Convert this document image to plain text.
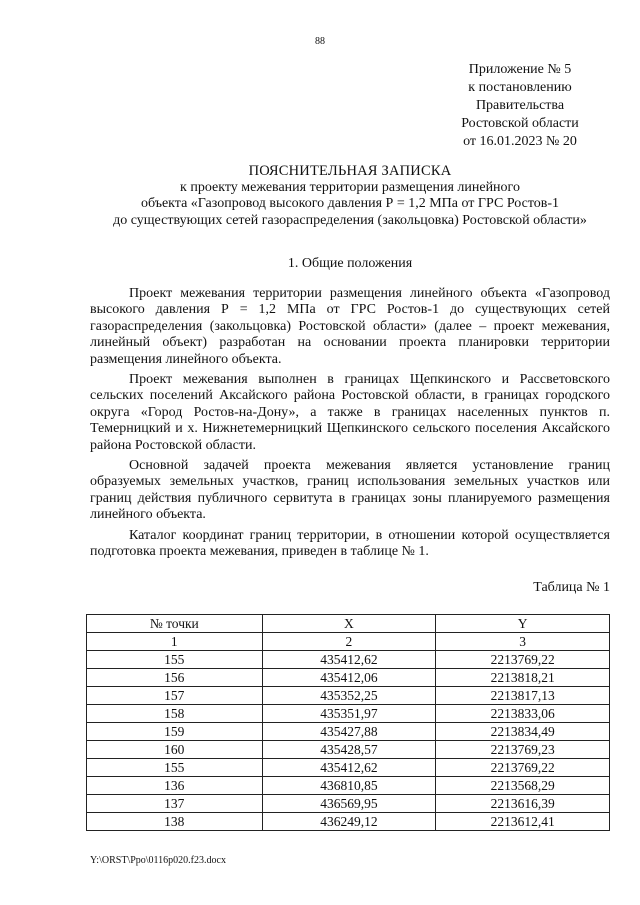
88
Приложение № 5
к постановлению
Правительства
Ростовской области
от 16.01.2023 № 20
ПОЯСНИТЕЛЬНАЯ ЗАПИСКА
к проекту межевания территории размещения линейного
объекта «Газопровод высокого давления Р = 1,2 МПа от ГРС Ростов-1
до существующих сетей газораспределения (закольцовка) Ростовской области»
1. Общие положения

Проект межевания территории размещения линейного объекта «Газопровод высокого давления Р = 1,2 МПа от ГРС Ростов-1 до существующих сетей газораспределения (закольцовка) Ростовской области» (далее – проект межевания, линейный объект) разработан на основании проекта планировки территории размещения линейного объекта.

Проект межевания выполнен в границах Щепкинского и Рассветовского сельских поселений Аксайского района Ростовской области, в границах городского округа «Город Ростов-на-Дону», а также в границах населенных пунктов п. Темерницкий и х. Нижнетемерницкий Щепкинского сельского поселения Аксайского района Ростовской области.

Основной задачей проекта межевания является установление границ образуемых земельных участков, границ использования земельных участков или границ действия публичного сервитута в границах зоны планируемого размещения линейного объекта.

Каталог координат границ территории, в отношении которой осуществляется подготовка проекта межевания, приведен в таблице № 1.

Таблица № 1
№ точки	X	Y
1	2	3
155	435412,62	2213769,22
156	435412,06	2213818,21
157	435352,25	2213817,13
158	435351,97	2213833,06
159	435427,88	2213834,49
160	435428,57	2213769,23
155	435412,62	2213769,22
136	436810,85	2213568,29
137	436569,95	2213616,39
138	436249,12	2213612,41
Y:\ORST\Ppo\0116p020.f23.docx
